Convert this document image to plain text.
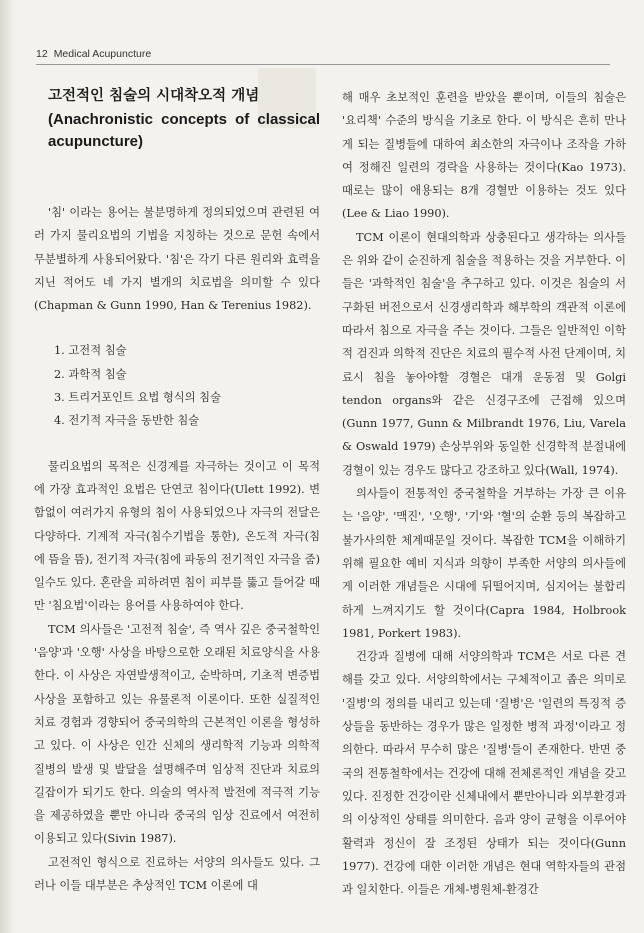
12 Medical Acupuncture
고전적인 침술의 시대착오적 개념
(Anachronistic concepts of classical acupuncture)

'침' 이라는 용어는 불분명하게 정의되었으며 관련된 여러 가지 물리요법의 기법을 지칭하는 것으로 문헌 속에서 무분별하게 사용되어왔다. '침'은 각기 다른 원리와 효력을 지닌 적어도 네 가지 별개의 치료법을 의미할 수 있다(Chapman & Gunn 1990, Han & Terenius 1982).

1. 고전적 침술
2. 과학적 침술
3. 트리거포인트 요법 형식의 침술
4. 전기적 자극을 동반한 침술

물리요법의 목적은 신경계를 자극하는 것이고 이 목적에 가장 효과적인 요법은 단연코 침이다(Ulett 1992). 변함없이 여러가지 유형의 침이 사용되었으나 자극의 전달은 다양하다. 기계적 자극(침수기법을 통한), 온도적 자극(침에 뜸을 뜸), 전기적 자극(침에 파동의 전기적인 자극을 줌)일수도 있다. 혼란을 피하려면 침이 피부를 뚫고 들어갈 때만 '침요법'이라는 용어를 사용하여야 한다.

TCM 의사들은 '고전적 침술', 즉 역사 깊은 중국철학인 '음양'과 '오행' 사상을 바탕으로한 오래된 치료양식을 사용한다. 이 사상은 자연발생적이고, 순박하며, 기초적 변증법 사상을 포함하고 있는 유물론적 이론이다. 또한 실질적인 치료 경험과 경향되어 중국의학의 근본적인 이론을 형성하고 있다. 이 사상은 인간 신체의 생리학적 기능과 의학적 질병의 발생 및 발달을 설명해주며 임상적 진단과 치료의 길잡이가 되기도 한다. 의술의 역사적 발전에 적극적 기능을 제공하였을 뿐만 아니라 중국의 임상 진료에서 여전히 이용되고 있다(Sivin 1987).

고전적인 형식으로 진료하는 서양의 의사들도 있다. 그러나 이들 대부분은 추상적인 TCM 이론에 대

해 매우 초보적인 훈련을 받았을 뿐이며, 이들의 침술은 '요리책' 수준의 방식을 기초로 한다. 이 방식은 흔히 만나게 되는 질병들에 대하여 최소한의 자극이나 조작을 가하여 정해진 일련의 경락을 사용하는 것이다(Kao 1973). 때로는 많이 애용되는 8개 경혈만 이용하는 것도 있다 (Lee & Liao 1990).

TCM 이론이 현대의학과 상충된다고 생각하는 의사들은 위와 같이 순진하게 침술을 적용하는 것을 거부한다. 이들은 '과학적인 침술'을 추구하고 있다. 이것은 침술의 서구화된 버전으로서 신경생리학과 해부학의 객관적 이론에 따라서 침으로 자극을 주는 것이다. 그들은 일반적인 이학적 검진과 의학적 진단은 치료의 필수적 사전 단계이며, 치료시 침을 놓아야할 경혈은 대개 운동점 및 Golgi tendon organs와 같은 신경구조에 근접해 있으며(Gunn 1977, Gunn & Milbrandt 1976, Liu, Varela & Oswald 1979) 손상부위와 동일한 신경학적 분절내에 경혈이 있는 경우도 많다고 강조하고 있다(Wall, 1974).

의사들이 전통적인 중국철학을 거부하는 가장 큰 이유는 '음양', '맥진', '오행', '기'와 '혈'의 순환 등의 복잡하고 불가사의한 체계때문일 것이다. 복잡한 TCM을 이해하기 위해 필요한 예비 지식과 의향이 부족한 서양의 의사들에게 이러한 개념들은 시대에 뒤떨어지며, 심지어는 불합리하게 느껴지기도 할 것이다(Capra 1984, Holbrook 1981, Porkert 1983).

건강과 질병에 대해 서양의학과 TCM은 서로 다른 견해를 갖고 있다. 서양의학에서는 구체적이고 좁은 의미로 '질병'의 정의를 내리고 있는데 '질병'은 '일련의 특징적 증상들을 동반하는 경우가 많은 일정한 병적 과정'이라고 정의한다. 따라서 무수히 많은 '질병'들이 존재한다. 반면 중국의 전통철학에서는 건강에 대해 전체론적인 개념을 갖고 있다. 진정한 건강이란 신체내에서 뿐만아니라 외부환경과의 이상적인 상태를 의미한다. 음과 양이 균형을 이루어야 활력과 정신이 잘 조정된 상태가 되는 것이다(Gunn 1977). 건강에 대한 이러한 개념은 현대 역학자들의 관점과 일치한다. 이들은 개체-병원체-환경간
